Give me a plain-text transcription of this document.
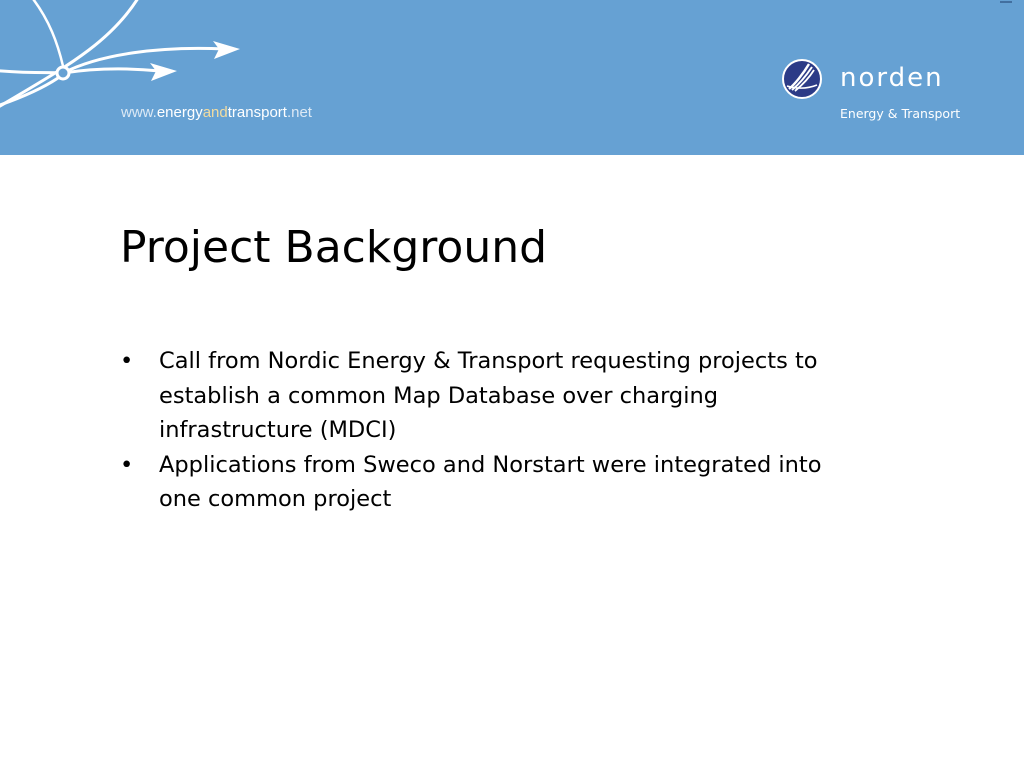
www.energyandtransport.net
norden
Energy & Transport
Project Background
• Call from Nordic Energy & Transport requesting projects to
establish a common Map Database over charging
infrastructure (MDCI)
• Applications from Sweco and Norstart were integrated into
one common project
